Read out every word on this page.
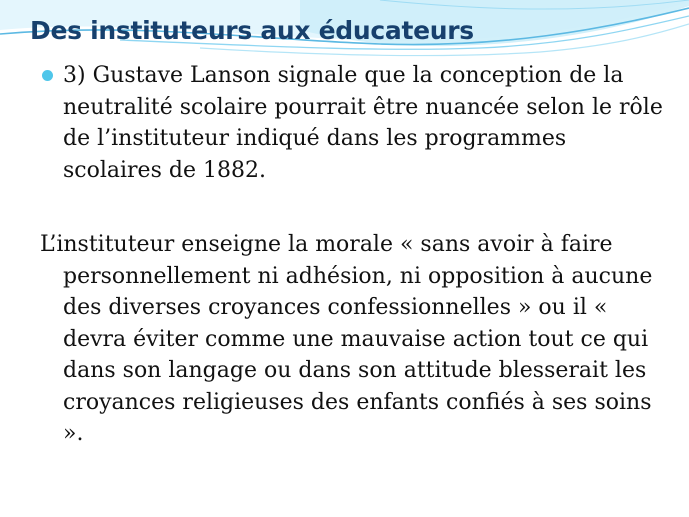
Des instituteurs aux éducateurs

3) Gustave Lanson signale que la conception de la neutralité scolaire pourrait être nuancée selon le rôle de l’instituteur indiqué dans les programmes scolaires de 1882.

L’instituteur enseigne la morale « sans avoir à faire personnellement ni adhésion, ni opposition à aucune des diverses croyances confessionnelles » ou il « devra éviter comme une mauvaise action tout ce qui dans son langage ou dans son attitude blesserait les croyances religieuses des enfants confiés à ses soins ».
